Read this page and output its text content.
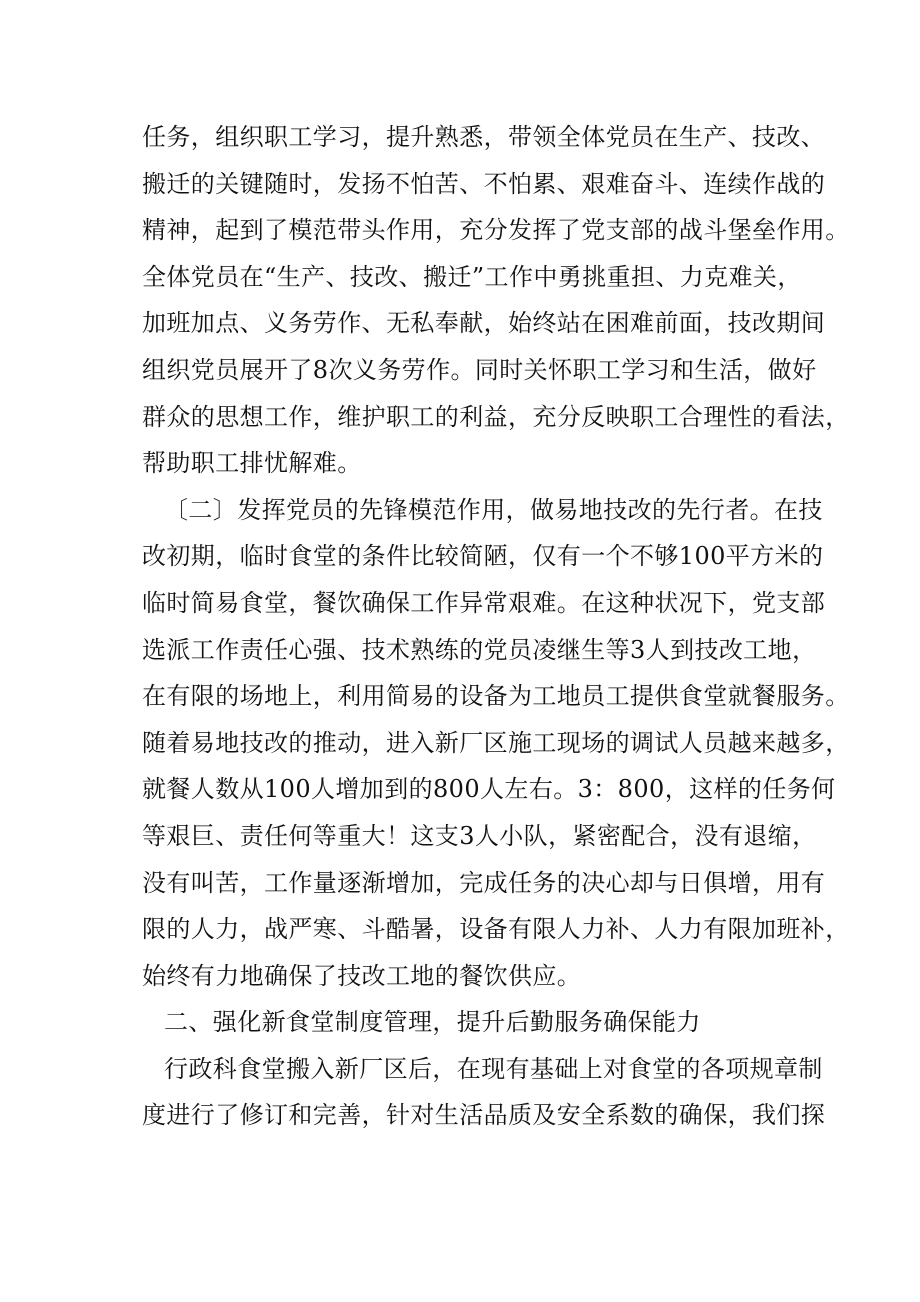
任务，组织职工学习，提升熟悉，带领全体党员在生产、技改、
搬迁的关键随时，发扬不怕苦、不怕累、艰难奋斗、连续作战的
精神，起到了模范带头作用，充分发挥了党支部的战斗堡垒作用。
全体党员在“生产、技改、搬迁”工作中勇挑重担、力克难关，
加班加点、义务劳作、无私奉献，始终站在困难前面，技改期间
组织党员展开了8次义务劳作。同时关怀职工学习和生活，做好
群众的思想工作，维护职工的利益，充分反映职工合理性的看法，
帮助职工排忧解难。
〔二〕发挥党员的先锋模范作用，做易地技改的先行者。在技
改初期，临时食堂的条件比较简陋，仅有一个不够100平方米的
临时简易食堂，餐饮确保工作异常艰难。在这种状况下，党支部
选派工作责任心强、技术熟练的党员凌继生等3人到技改工地，
在有限的场地上，利用简易的设备为工地员工提供食堂就餐服务。
随着易地技改的推动，进入新厂区施工现场的调试人员越来越多，
就餐人数从100人增加到的800人左右。3：800，这样的任务何
等艰巨、责任何等重大！这支3人小队，紧密配合，没有退缩，
没有叫苦，工作量逐渐增加，完成任务的决心却与日俱增，用有
限的人力，战严寒、斗酷暑，设备有限人力补、人力有限加班补，
始终有力地确保了技改工地的餐饮供应。
二、强化新食堂制度管理，提升后勤服务确保能力
行政科食堂搬入新厂区后，在现有基础上对食堂的各项规章制
度进行了修订和完善，针对生活品质及安全系数的确保，我们探
